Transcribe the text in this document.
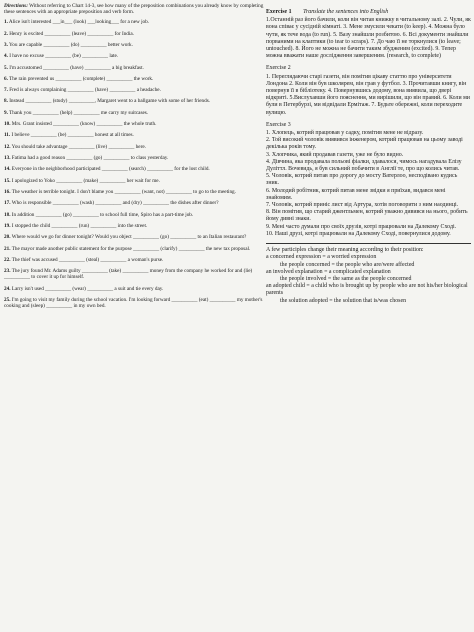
Directions: Without referring to Chart 14-3, see how many of the preposition combinations you already know by completing these sentences with an appropriate preposition and verb form.

1. Alice isn't interested ___in___ (look) ___looking___ for a new job.

2. Henry is excited __________ (leave) __________ for India.

3. You are capable __________ (do) __________ better work.

4. I have no excuse __________ (be) __________ late.

5. I'm accustomed __________ (have) __________ a big breakfast.

6. The rain prevented us __________ (complete) __________ the work.

7. Fred is always complaining __________ (have) __________ a headache.

8. Instead __________ (study) __________, Margaret went to a ballgame with some of her friends.

9. Thank you __________ (help) __________ me carry my suitcases.

10. Mrs. Grant insisted __________ (know) __________ the whole truth.

11. I believe __________ (be) __________ honest at all times.

12. You should take advantage __________ (live) __________ here.

13. Fatima had a good reason __________ (go) __________ to class yesterday.

14. Everyone in the neighborhood participated __________ (search) __________ for the lost child.

15. I apologized to Yoko __________ (make) __________ her wait for me.

16. The weather is terrible tonight. I don't blame you __________ (want, not) __________ to go to the meeting.

17. Who is responsible __________ (wash) __________ and (dry) __________ the dishes after dinner?

18. In addition __________ (go) __________ to school full time, Spiro has a part-time job.

19. I stopped the child __________ (run) __________ into the street.

20. Where would we go for dinner tonight? Would you object __________ (go) __________ to an Italian restaurant?

21. The mayor made another public statement for the purpose __________ (clarify) __________ the new tax proposal.

22. The thief was accused __________ (steal) __________ a woman's purse.

23. The jury found Mr. Adams guilty __________ (take) __________ money from the company he worked for and (lie) __________ to cover it up for himself.

24. Larry isn't used __________ (wear) __________ a suit and tie every day.

25. I'm going to visit my family during the school vacation. I'm looking forward __________ (eat) __________ my mother's cooking and (sleep) __________ in my own bed.

Exercise 1 Translate the sentences into English

1.Останній раз його бачили, коли він читав книжку в читальному залі. 2. Чули, як вона співає у сусідній кімнаті. 3. Мене змусили чекати (to keep). 4. Можна було чути, як тече вода (to run). 5. Вазу знайшли розбитою. 6. Всі документи знайшли порваними на клаптики (to tear to scraps). 7. До чаю її не торкнулися (to leave; untouched). 8. Його не можна не бачити таким збудженим (excited). 9. Тепер можна вважати наше дослідження завершеним. (research, to complete)

Exercise 2

1. Переглядаючи старі газети, він помітив цікаву статтю про університети Лондона 2. Коли він був школярем, він грав у футбол. 3. Прочитавши книгу, він повернув її в бібліотеку. 4. Повернувшись додому, вона виявила, що двері відкриті. 5.Вислухавши його пояснення, ми вирішили, що він правий. 6. Коли ми були в Петербурзі, ми відвідали Ермітаж. 7. Будьте обережні, коли переходите вулицю.

Exercise 3

1. Хлопець, котрий працював у садку, помітив мене не відразу.

2. Той високий чоловік виявився інженером, котрий працював на цьому заводі декілька років тому.

3. Хлопчика, який продавав газети, уже не було видно.

4. Дівчина, яка продавала польові фіалки, здавалося, чимось нагадувала Елізу Дуліттл. Вочевидь, я був сильний побачити в Англії те, про що колись читав.

5. Чоловік, котрий питав про дорогу до мосту Ватерлоо, несподівано кудись зник.

6. Молодий робітник, котрий питав мене звідки я приїхав, видався мені знайомим.

7. Чоловік, котрий приніс лист від Артура, хотів поговорити з ним наодинці.

8. Він помітив, що старий джентльмен, котрий уважно дивився на нього, робить йому дивні знаки.

9. Мені часто думали про своїх друзів, котрі працювали на Далекому Сході.

10. Наші друзі, котрі працювали на Далекому Сході, повернулися додому.

A few participles change their meaning according to their position:

a concerned expression = a worried expression

the people concerned = the people who are/were affected

an involved explanation = a complicated explanation

the people involved = the same as the people concerned

an adopted child = a child who is brought up by people who are not his/her biological parents

the solution adopted = the solution that is/was chosen
